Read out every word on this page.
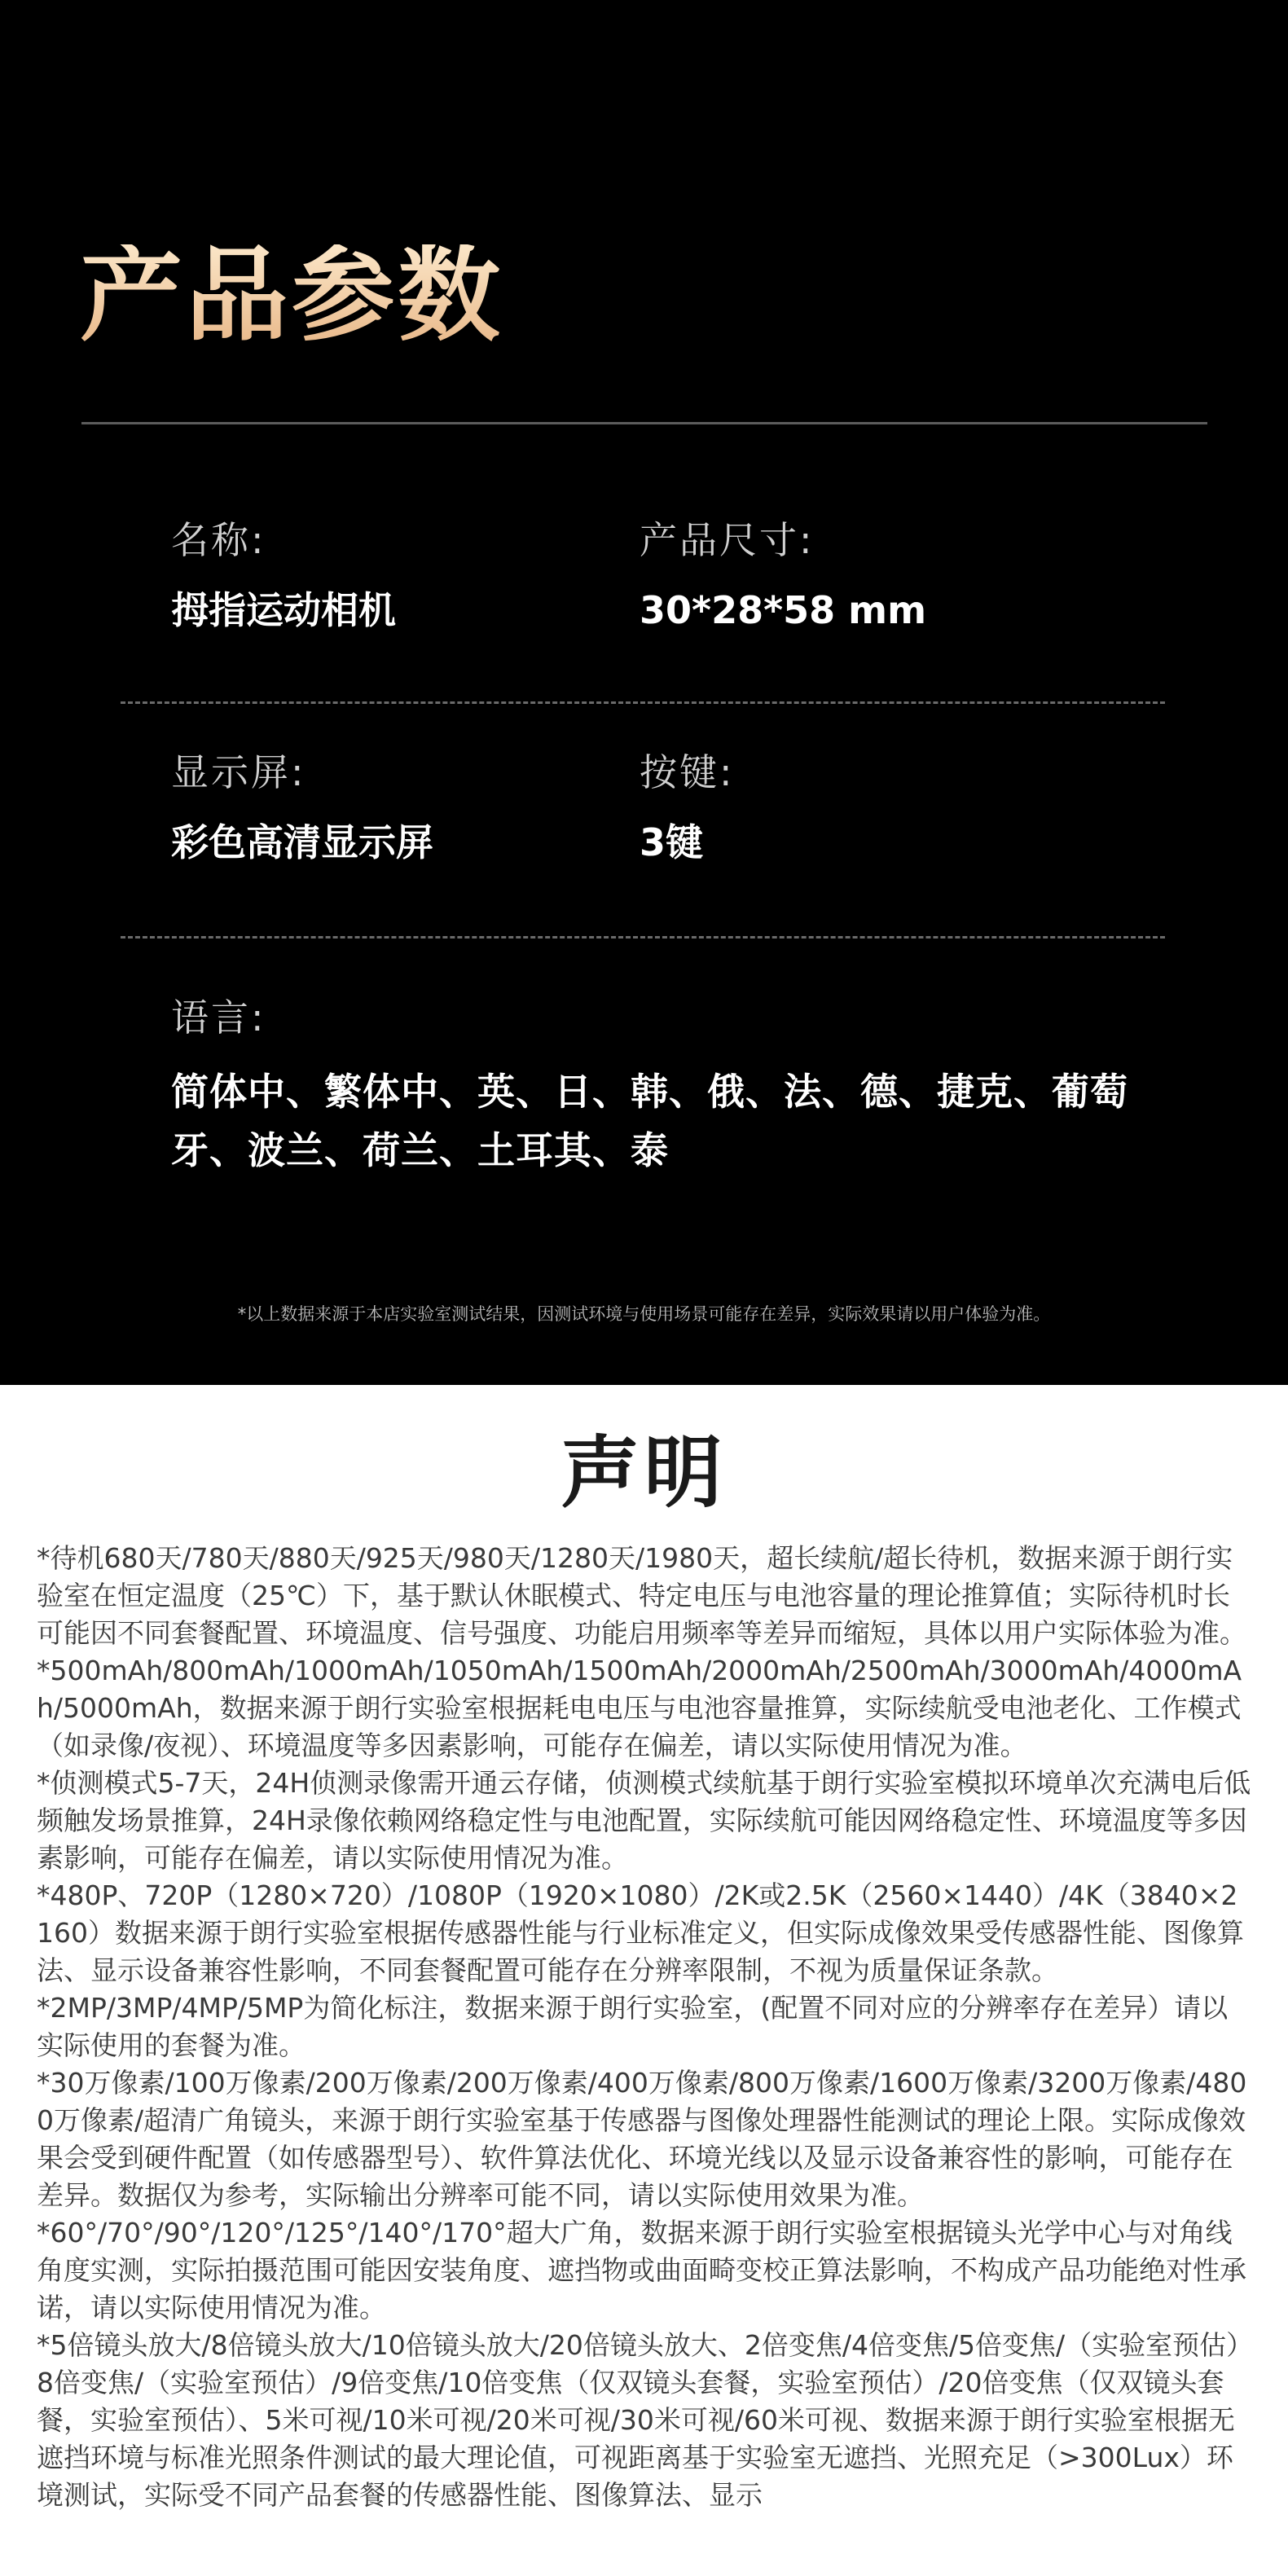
产品参数
名称:
拇指运动相机
产品尺寸:
30*28*58 mm
显示屏:
彩色高清显示屏
按键:
3键
语言:
简体中、繁体中、英、日、韩、俄、法、德、捷克、葡萄牙、波兰、荷兰、土耳其、泰
*以上数据来源于本店实验室测试结果，因测试环境与使用场景可能存在差异，实际效果请以用户体验为准。
声明
*待机680天/780天/880天/925天/980天/1280天/1980天，超长续航/超长待机，数据来源于朗行实验室在恒定温度（25℃）下，基于默认休眠模式、特定电压与电池容量的理论推算值；实际待机时长可能因不同套餐配置、环境温度、信号强度、功能启用频率等差异而缩短，具体以用户实际体验为准。
*500mAh/800mAh/1000mAh/1050mAh/1500mAh/2000mAh/2500mAh/3000mAh/4000mAh/5000mAh，数据来源于朗行实验室根据耗电电压与电池容量推算，实际续航受电池老化、工作模式（如录像/夜视）、环境温度等多因素影响，可能存在偏差，请以实际使用情况为准。
*侦测模式5-7天，24H侦测录像需开通云存储，侦测模式续航基于朗行实验室模拟环境单次充满电后低频触发场景推算，24H录像依赖网络稳定性与电池配置，实际续航可能因网络稳定性、环境温度等多因素影响，可能存在偏差，请以实际使用情况为准。
*480P、720P（1280×720）/1080P（1920×1080）/2K或2.5K（2560×1440）/4K（3840×2160）数据来源于朗行实验室根据传感器性能与行业标准定义，但实际成像效果受传感器性能、图像算法、显示设备兼容性影响，不同套餐配置可能存在分辨率限制，不视为质量保证条款。
*2MP/3MP/4MP/5MP为简化标注，数据来源于朗行实验室，(配置不同对应的分辨率存在差异）请以实际使用的套餐为准。
*30万像素/100万像素/200万像素/200万像素/400万像素/800万像素/1600万像素/3200万像素/4800万像素/超清广角镜头，来源于朗行实验室基于传感器与图像处理器性能测试的理论上限。实际成像效果会受到硬件配置（如传感器型号）、软件算法优化、环境光线以及显示设备兼容性的影响，可能存在差异。数据仅为参考，实际输出分辨率可能不同，请以实际使用效果为准。
*60°/70°/90°/120°/125°/140°/170°超大广角，数据来源于朗行实验室根据镜头光学中心与对角线角度实测，实际拍摄范围可能因安装角度、遮挡物或曲面畸变校正算法影响，不构成产品功能绝对性承诺，请以实际使用情况为准。
*5倍镜头放大/8倍镜头放大/10倍镜头放大/20倍镜头放大、2倍变焦/4倍变焦/5倍变焦/（实验室预估）8倍变焦/（实验室预估）/9倍变焦/10倍变焦（仅双镜头套餐，实验室预估）/20倍变焦（仅双镜头套餐，实验室预估）、5米可视/10米可视/20米可视/30米可视/60米可视、数据来源于朗行实验室根据无遮挡环境与标准光照条件测试的最大理论值，可视距离基于实验室无遮挡、光照充足（>300Lux）环境测试，实际受不同产品套餐的传感器性能、图像算法、显示
